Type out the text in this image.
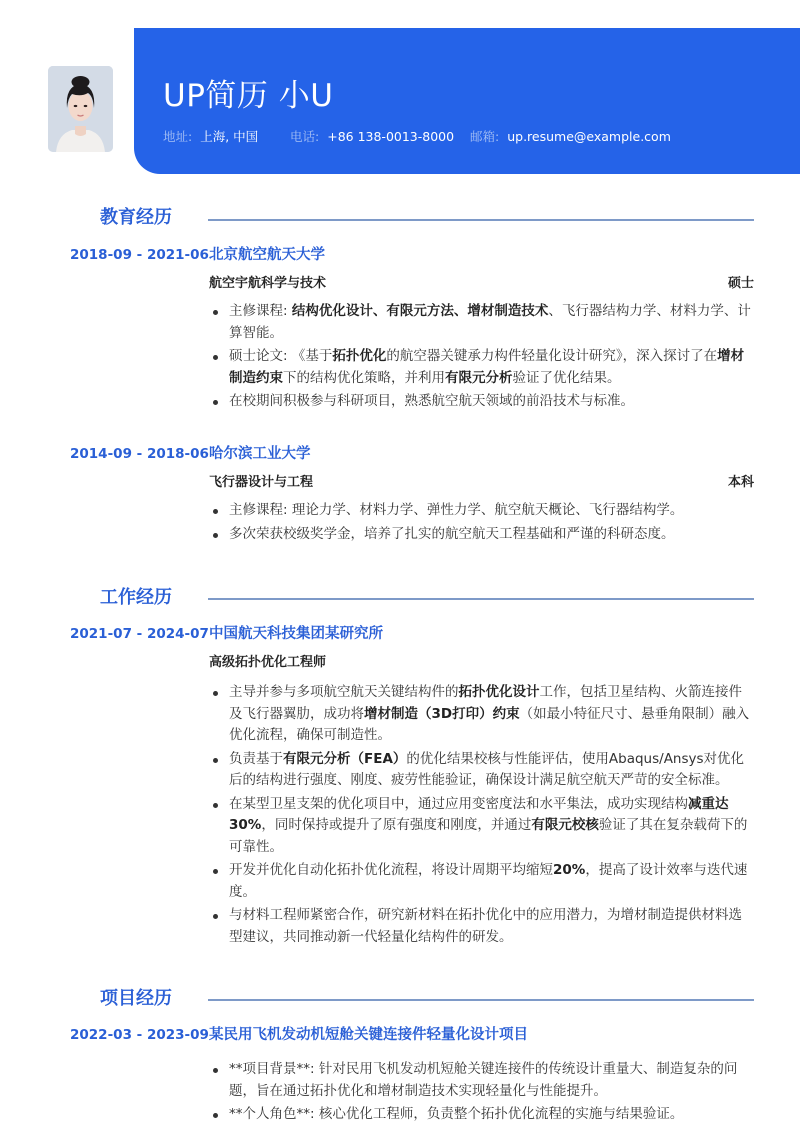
UP简历 小U
地址: 上海, 中国	电话: +86 138-0013-8000 邮箱: up.resume@example.com
教育经历
2018-09 - 2021-06 北京航空航天大学
航空宇航科学与技术	硕士
主修课程: 结构优化设计、有限元方法、增材制造技术、飞行器结构力学、材料力学、计算智能。
硕士论文: 《基于拓扑优化的航空器关键承力构件轻量化设计研究》，深入探讨了在增材制造约束下的结构优化策略，并利用有限元分析验证了优化结果。
在校期间积极参与科研项目，熟悉航空航天领域的前沿技术与标准。
2014-09 - 2018-06 哈尔滨工业大学
飞行器设计与工程	本科
主修课程: 理论力学、材料力学、弹性力学、航空航天概论、飞行器结构学。
多次荣获校级奖学金，培养了扎实的航空航天工程基础和严谨的科研态度。
工作经历
2021-07 - 2024-07 中国航天科技集团某研究所
高级拓扑优化工程师
主导并参与多项航空航天关键结构件的拓扑优化设计工作，包括卫星结构、火箭连接件及飞行器翼肋，成功将增材制造（3D打印）约束（如最小特征尺寸、悬垂角限制）融入优化流程，确保可制造性。
负责基于有限元分析（FEA）的优化结果校核与性能评估，使用Abaqus/Ansys对优化后的结构进行强度、刚度、疲劳性能验证，确保设计满足航空航天严苛的安全标准。
在某型卫星支架的优化项目中，通过应用变密度法和水平集法，成功实现结构减重达30%，同时保持或提升了原有强度和刚度，并通过有限元校核验证了其在复杂载荷下的可靠性。
开发并优化自动化拓扑优化流程，将设计周期平均缩短20%，提高了设计效率与迭代速度。
与材料工程师紧密合作，研究新材料在拓扑优化中的应用潜力，为增材制造提供材料选型建议，共同推动新一代轻量化结构件的研发。
项目经历
2022-03 - 2023-09 某民用飞机发动机短舱关键连接件轻量化设计项目
**项目背景**: 针对民用飞机发动机短舱关键连接件的传统设计重量大、制造复杂的问题，旨在通过拓扑优化和增材制造技术实现轻量化与性能提升。
**个人角色**: 核心优化工程师，负责整个拓扑优化流程的实施与结果验证。
